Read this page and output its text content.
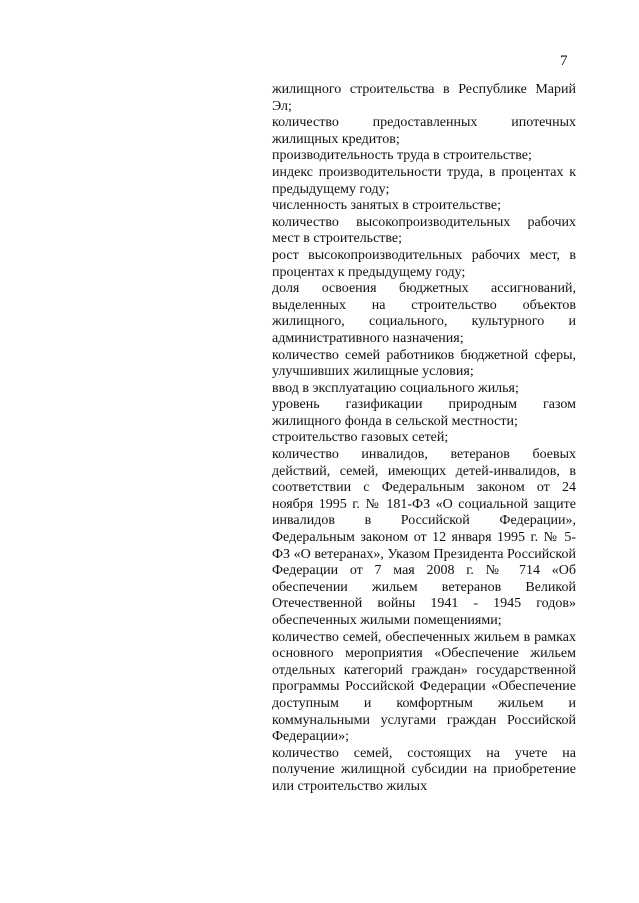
7

жилищного строительства в Республике Марий Эл;

количество предоставленных ипотечных жилищных кредитов;

производительность труда в строительстве;

индекс производительности труда, в процентах к предыдущему году;

численность занятых в строительстве;

количество высокопроизводительных рабочих мест в строительстве;

рост высокопроизводительных рабочих мест, в процентах к предыдущему году;

доля освоения бюджетных ассигнований, выделенных на строительство объектов жилищного, социального, культурного и административного назначения;

количество семей работников бюджетной сферы, улучшивших жилищные условия;

ввод в эксплуатацию социального жилья;

уровень газификации природным газом жилищного фонда в сельской местности;

строительство газовых сетей;

количество инвалидов, ветеранов боевых действий, семей, имеющих детей-инвалидов, в соответствии с Федеральным законом от 24 ноября 1995 г. № 181-ФЗ «О социальной защите инвалидов в Российской Федерации», Федеральным законом от 12 января 1995 г. № 5-ФЗ «О ветеранах», Указом Президента Российской Федерации от 7 мая 2008 г. № 714 «Об обеспечении жильем ветеранов Великой Отечественной войны 1941 - 1945 годов» обеспеченных жилыми помещениями;

количество семей, обеспеченных жильем в рамках основного мероприятия «Обеспечение жильем отдельных категорий граждан» государственной программы Российской Федерации «Обеспечение доступным и комфортным жильем и коммунальными услугами граждан Российской Федерации»;

количество семей, состоящих на учете на получение жилищной субсидии на приобретение или строительство жилых
